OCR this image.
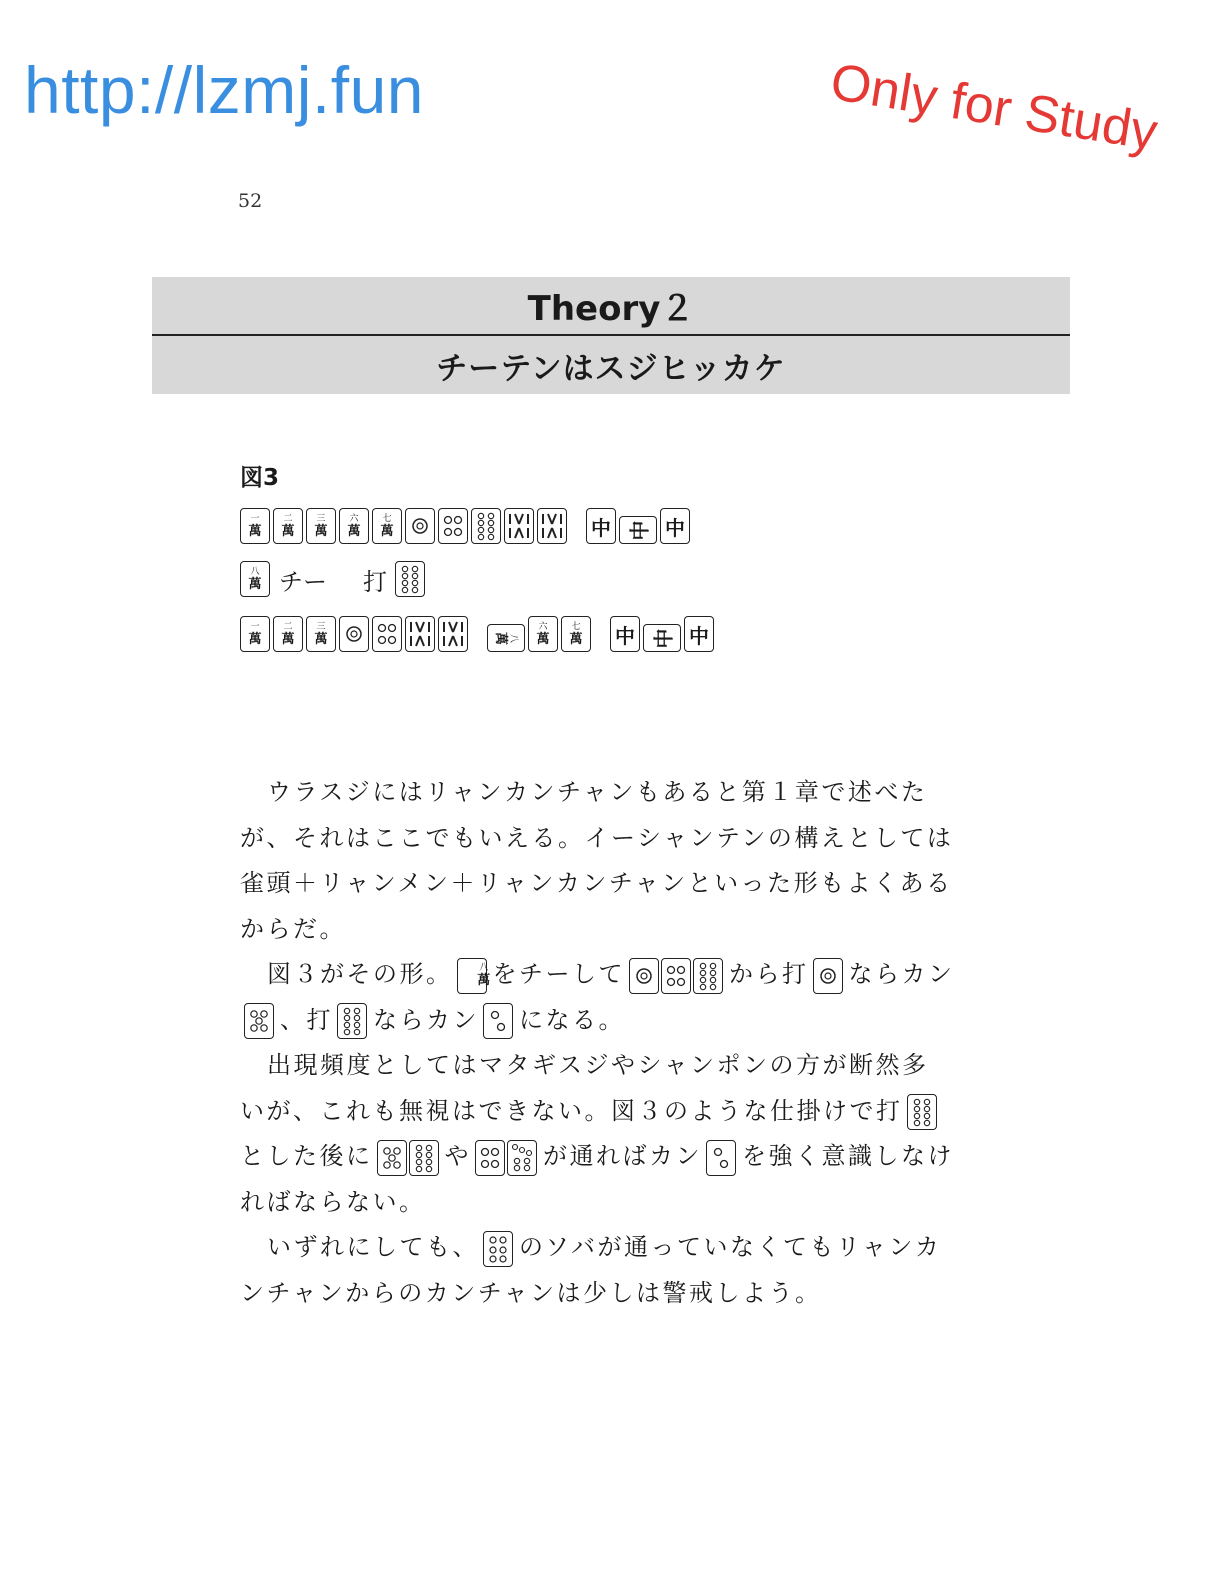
http://lzmj.fun	Only for Study
52
Theory２
チーテンはスジヒッカケ
図3
一
萬
二
萬
三
萬
六
萬
七
萬	中 中 中
八
萬 チー 打
一
萬
二
萬
三
萬	八
萬
六
萬
七
萬 中 中 中

ウラスジにはリャンカンチャンもあると第１章で述べたが、それはここでもいえる。イーシャンテンの構えとしては雀頭＋リャンメン＋リャンカンチャンといった形もよくあるからだ。

図３がその形。	八
萬 をチーして	から打 ならカン
、打 ならカン になる。

出現頻度としてはマタギスジやシャンポンの方が断然多いが、これも無視はできない。図３のような仕掛けで打
とした後に	や	が通ればカン を強く意識しなければならない。

いずれにしても、 のソバが通っていなくてもリャンカンチャンからのカンチャンは少しは警戒しよう。
